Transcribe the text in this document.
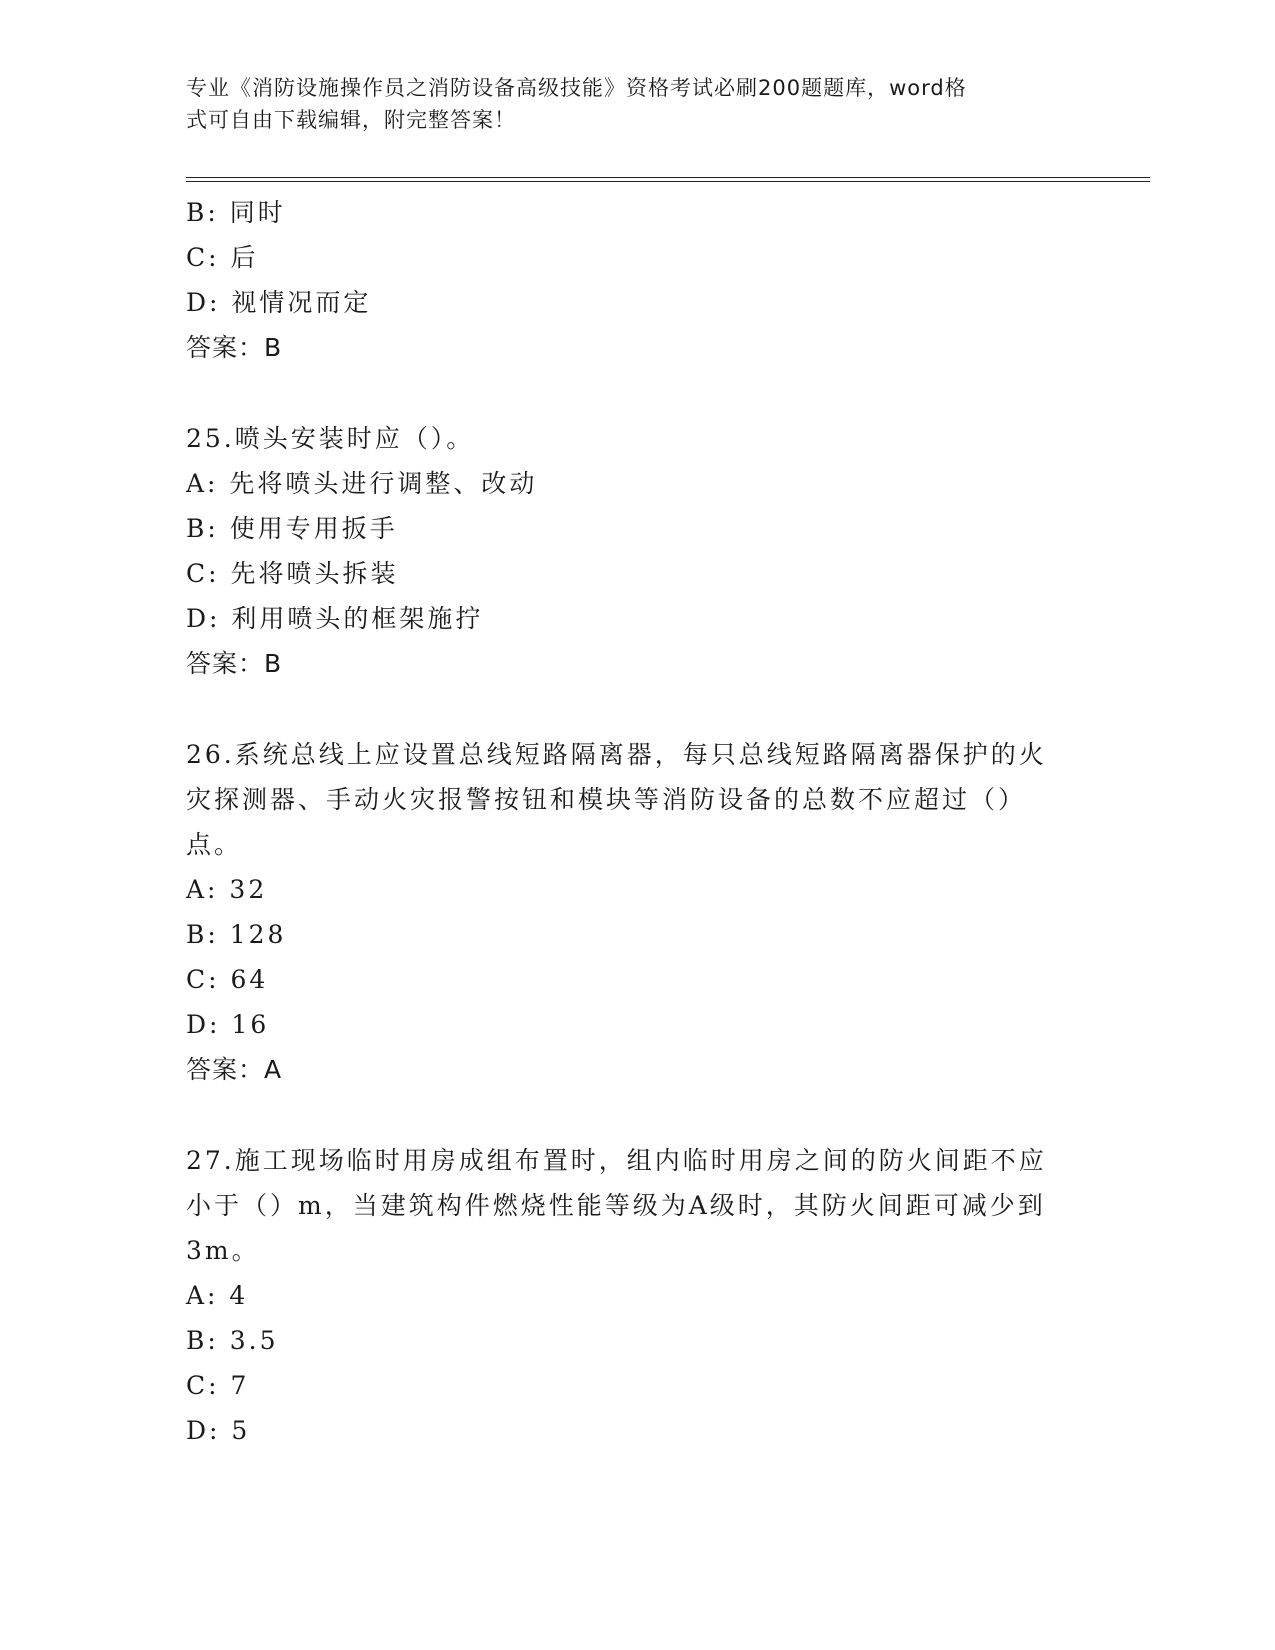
专业《消防设施操作员之消防设备高级技能》资格考试必刷200题题库，word格
式可自由下载编辑，附完整答案！
B: 同时
C: 后
D: 视情况而定
答案：B
25.喷头安装时应（）。
A: 先将喷头进行调整、改动
B: 使用专用扳手
C: 先将喷头拆装
D: 利用喷头的框架施拧
答案：B
26.系统总线上应设置总线短路隔离器，每只总线短路隔离器保护的火
灾探测器、手动火灾报警按钮和模块等消防设备的总数不应超过（）
点。
A: 32
B: 128
C: 64
D: 16
答案：A
27.施工现场临时用房成组布置时，组内临时用房之间的防火间距不应
小于（）m，当建筑构件燃烧性能等级为A级时，其防火间距可减少到
3m。
A: 4
B: 3.5
C: 7
D: 5
